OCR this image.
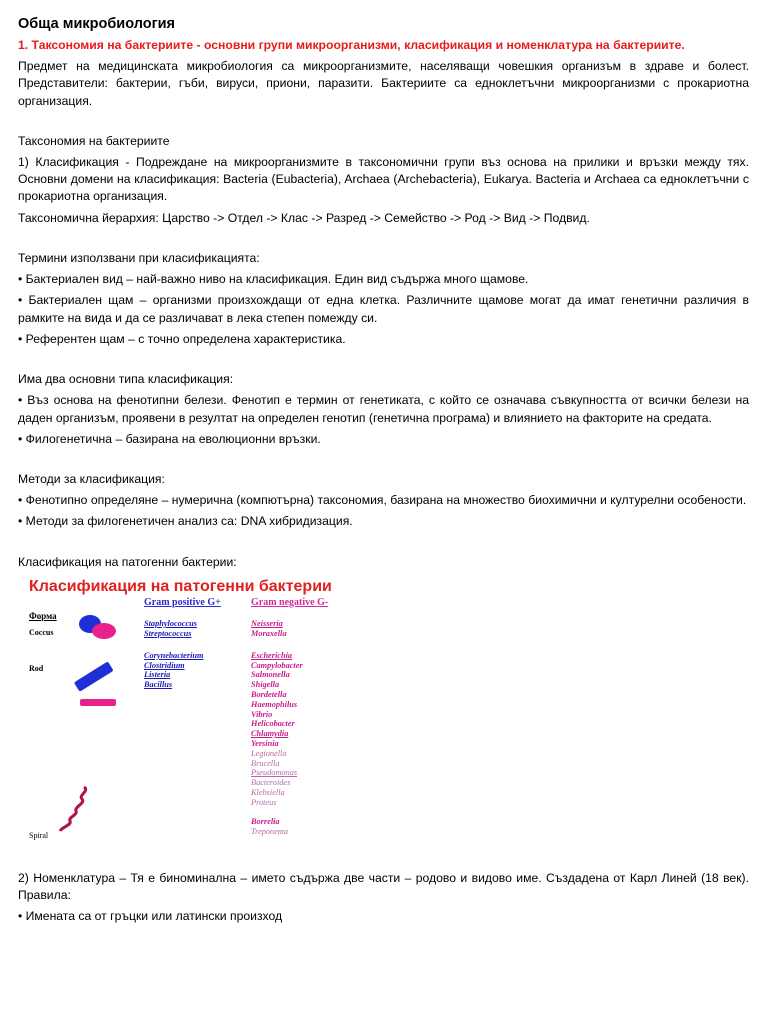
Обща микробиология
1. Таксономия на бактериите - основни групи микроорганизми, класификация и номенклатура на бактериите.
Предмет на медицинската микробиология са микроорганизмите, населяващи човешкия организъм в здраве и болест. Представители: бактерии, гъби, вируси, приони, паразити. Бактериите са едноклетъчни микроорганизми с прокариотна организация.
Таксономия на бактериите
1) Класификация - Подреждане на микроорганизмите в таксономични групи въз основа на прилики и връзки между тях. Основни домени на класификация: Bacteria (Eubacteria), Archaea (Archebacteria), Eukarya. Bacteria и Archaea са едноклетъчни с прокариотна организация.
Таксономична йерархия: Царство -> Отдел -> Клас -> Разред -> Семейство -> Род -> Вид -> Подвид.
Термини използвани при класификацията:
• Бактериален вид – най-важно ниво на класификация. Един вид съдържа много щамове.
• Бактериален щам – организми произхождащи от една клетка. Различните щамове могат да имат генетични различия в рамките на вида и да се различават в лека степен помежду си.
• Референтен щам – с точно определена характеристика.
Има два основни типа класификация:
• Въз основа на фенотипни белези. Фенотип е термин от генетиката, с който се означава съвкупността от всички белези на даден организъм, проявени в резултат на определен генотип (генетична програма) и влиянието на факторите на средата.
• Филогенетична – базирана на еволюционни връзки.
Методи за класификация:
• Фенотипно определяне – нумерична (компютърна) таксономия, базирана на множество биохимични и културелни особености.
• Методи за филогенетичен анализ са: DNA хибридизация.
Класификация на патогенни бактерии:
Класификация на патогенни бактерии
Gram positive G+	Gram negative G-
Форма
Coccus
Rod
Spiral
Staphylococcus
Streptococcus
Neisseria
Moraxella
Corynebacterium
Clostridium
Listeria
Bacillus
Escherichia
Campylobacter
Salmonella
Shigella
Bordetella
Haemophilus
Vibrio
Helicobacter
Chlamydia
Yersinia
Legionella
Brucella
Pseudomonas
Bacteroides
Klebsiella
Proteus
Borrelia
Treponema
2) Номенклатура – Тя е биноминална – името съдържа две части – родово и видово име. Създадена от Карл Линей (18 век). Правила:
• Имената са от гръцки или латински произход
